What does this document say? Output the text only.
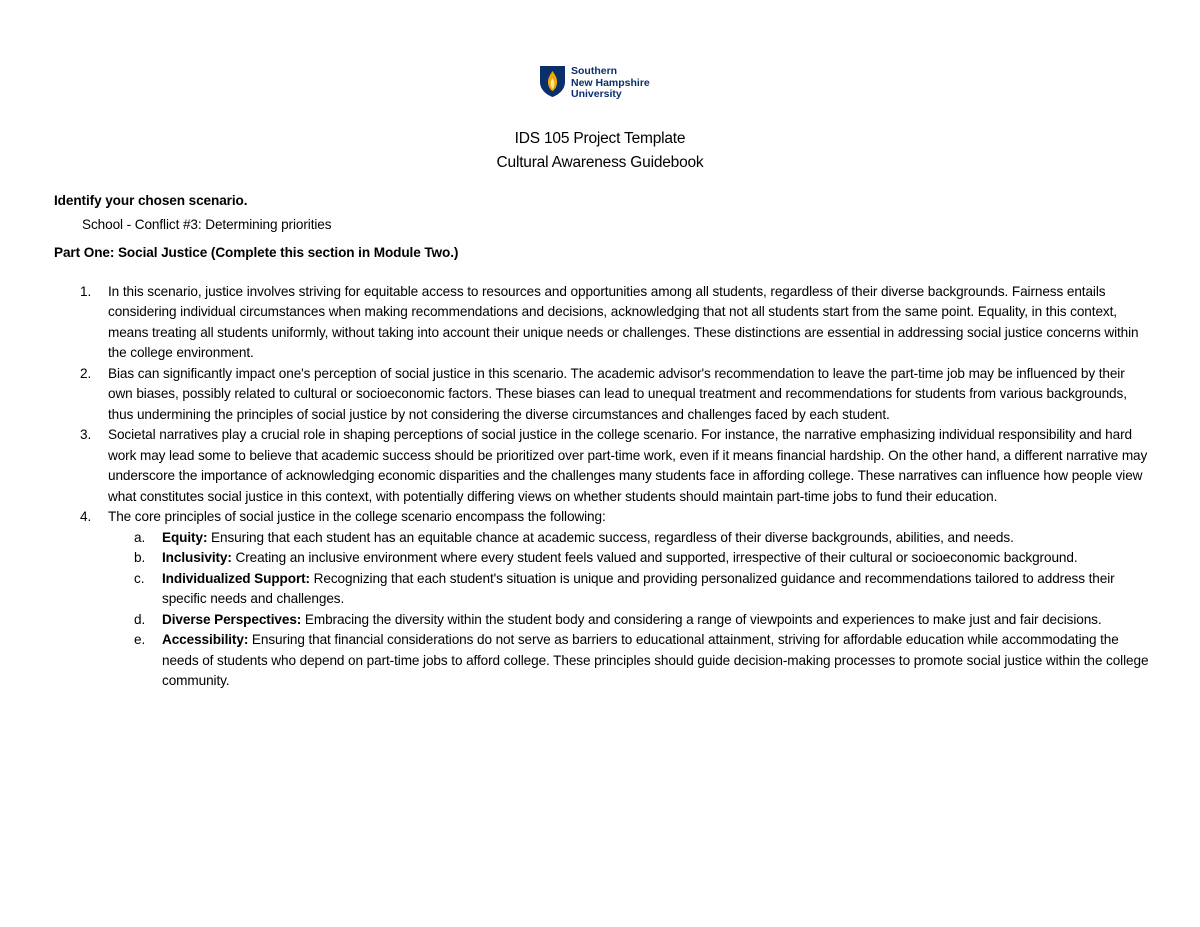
Southern
New Hampshire
University
IDS 105 Project Template
Cultural Awareness Guidebook
Identify your chosen scenario.
School - Conflict #3: Determining priorities
Part One: Social Justice (Complete this section in Module Two.)
1. In this scenario, justice involves striving for equitable access to resources and opportunities among all students, regardless of their diverse backgrounds. Fairness entails considering individual circumstances when making recommendations and decisions, acknowledging that not all students start from the same point. Equality, in this context, means treating all students uniformly, without taking into account their unique needs or challenges. These distinctions are essential in addressing social justice concerns within the college environment.
2. Bias can significantly impact one's perception of social justice in this scenario. The academic advisor's recommendation to leave the part-time job may be influenced by their own biases, possibly related to cultural or socioeconomic factors. These biases can lead to unequal treatment and recommendations for students from various backgrounds, thus undermining the principles of social justice by not considering the diverse circumstances and challenges faced by each student.
3. Societal narratives play a crucial role in shaping perceptions of social justice in the college scenario. For instance, the narrative emphasizing individual responsibility and hard work may lead some to believe that academic success should be prioritized over part-time work, even if it means financial hardship. On the other hand, a different narrative may underscore the importance of acknowledging economic disparities and the challenges many students face in affording college. These narratives can influence how people view what constitutes social justice in this context, with potentially differing views on whether students should maintain part-time jobs to fund their education.
4. The core principles of social justice in the college scenario encompass the following:
a. Equity: Ensuring that each student has an equitable chance at academic success, regardless of their diverse backgrounds, abilities, and needs.
b. Inclusivity: Creating an inclusive environment where every student feels valued and supported, irrespective of their cultural or socioeconomic background.
c. Individualized Support: Recognizing that each student's situation is unique and providing personalized guidance and recommendations tailored to address their specific needs and challenges.
d. Diverse Perspectives: Embracing the diversity within the student body and considering a range of viewpoints and experiences to make just and fair decisions.
e. Accessibility: Ensuring that financial considerations do not serve as barriers to educational attainment, striving for affordable education while accommodating the needs of students who depend on part-time jobs to afford college. These principles should guide decision-making processes to promote social justice within the college community.
